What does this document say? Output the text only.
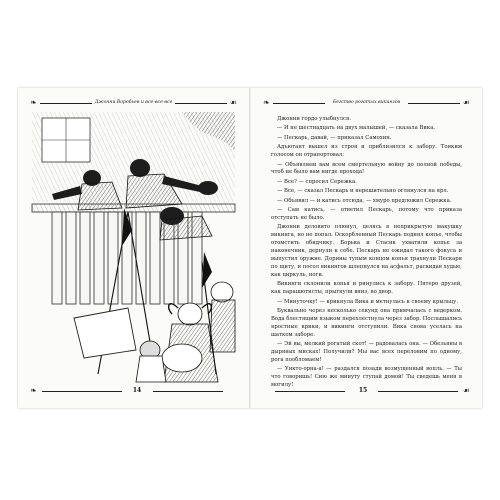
❧	Джонни Воробьев и все-все-все	☙
❧	14
❧	Бегство рогатых викингов	☙

Джонни гордо улыбнулся.

— И не шестнадцать на двух малышей, — сказала Вика.

— Пескарь, давай, — приказал Самохин.

Адъютант вышел из строя и приблизился к забору. Тонким голосом он отрапортовал:

— Объявляем вам всем смертельную войну до полной победы, чтоб не было вам нигде прохода!

— Все? — спросил Сережка.

— Все, — сказал Пескарь и нерешительно оглянулся на ярл.

— Объявил — и катись отсюда, — хмуро предложил Сережка.

— Сам катись, — ответил Пескарь, потому что приказа отступать не было.

Джонни деловито плюнул, целясь в неприкрытую макушку викинга, но не попал. Оскорбленный Пескарь поднял копье, чтобы отомстить обидчику. Борька и Стасик ухватили копье за наконечник, дернули к себе. Пескарь не ожидал такого фокуса и выпустил оружие. Дорины тупым концом копья трахнули Пескаря по щиту, и посол викингов шлепнулся на асфальт, раскидав худые, как циркуль, ноги.

Викинги склонили копья и ринулись к забору. Пятеро друзей, как парашютисты, прыгнули вниз, во двор.

— Минуточку! — крикнула Вика и метнулась к своему крыльцу.

Буквально через несколько секунд она примчалась с ведерком. Вода блестящим языком перехлестнула через забор. Послышались яростные крики, и викинги отступили. Вика снова уселась на шатком заборе.

— Эй вы, мелкий рогатый скот! — радовалась она. — Обезьяны в дырявых мисках! Получили? Мы вас всех переловим по одному, рога пообломаем!

— Уикто-орна-а! — раздался позади возмущенный вопль. — Ты что говоришь! Сию же минуту ступай домой! Ты сведешь меня в могилу!

15	☙
